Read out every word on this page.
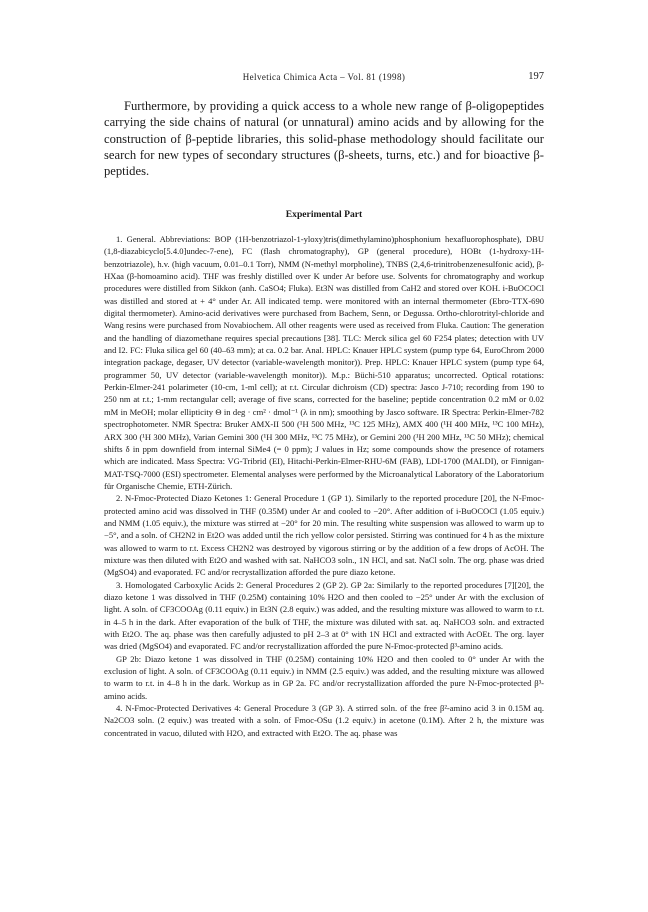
Helvetica Chimica Acta – Vol. 81 (1998)	197

Furthermore, by providing a quick access to a whole new range of β-oligopeptides carrying the side chains of natural (or unnatural) amino acids and by allowing for the construction of β-peptide libraries, this solid-phase methodology should facilitate our search for new types of secondary structures (β-sheets, turns, etc.) and for bioactive β-peptides.

Experimental Part

1. General. Abbreviations: BOP (1H-benzotriazol-1-yloxy)tris(dimethylamino)phosphonium hexafluorophosphate), DBU (1,8-diazabicyclo[5.4.0]undec-7-ene), FC (flash chromatography), GP (general procedure), HOBt (1-hydroxy-1H-benzotriazole), h.v. (high vacuum, 0.01–0.1 Torr), NMM (N-methyl morpholine), TNBS (2,4,6-trinitrobenzenesulfonic acid), β-HXaa (β-homoamino acid). THF was freshly distilled over K under Ar before use. Solvents for chromatography and workup procedures were distilled from Sikkon (anh. CaSO4; Fluka). Et3N was distilled from CaH2 and stored over KOH. i-BuOCOCl was distilled and stored at + 4° under Ar. All indicated temp. were monitored with an internal thermometer (Ebro-TTX-690 digital thermometer). Amino-acid derivatives were purchased from Bachem, Senn, or Degussa. Ortho-chlorotrityl-chloride and Wang resins were purchased from Novabiochem. All other reagents were used as received from Fluka. Caution: The generation and the handling of diazomethane requires special precautions [38]. TLC: Merck silica gel 60 F254 plates; detection with UV and I2. FC: Fluka silica gel 60 (40–63 mm); at ca. 0.2 bar. Anal. HPLC: Knauer HPLC system (pump type 64, EuroChrom 2000 integration package, degaser, UV detector (variable-wavelength monitor)). Prep. HPLC: Knauer HPLC system (pump type 64, programmer 50, UV detector (variable-wavelength monitor)). M.p.: Büchi-510 apparatus; uncorrected. Optical rotations: Perkin-Elmer-241 polarimeter (10-cm, 1-ml cell); at r.t. Circular dichroism (CD) spectra: Jasco J-710; recording from 190 to 250 nm at r.t.; 1-mm rectangular cell; average of five scans, corrected for the baseline; peptide concentration 0.2 mM or 0.02 mM in MeOH; molar ellipticity Θ in deg · cm² · dmol⁻¹ (λ in nm); smoothing by Jasco software. IR Spectra: Perkin-Elmer-782 spectrophotometer. NMR Spectra: Bruker AMX-II 500 (¹H 500 MHz, ¹³C 125 MHz), AMX 400 (¹H 400 MHz, ¹³C 100 MHz), ARX 300 (¹H 300 MHz), Varian Gemini 300 (¹H 300 MHz, ¹³C 75 MHz), or Gemini 200 (¹H 200 MHz, ¹³C 50 MHz); chemical shifts δ in ppm downfield from internal SiMe4 (= 0 ppm); J values in Hz; some compounds show the presence of rotamers which are indicated. Mass Spectra: VG-Tribrid (EI), Hitachi-Perkin-Elmer-RHU-6M (FAB), LDI-1700 (MALDI), or Finnigan-MAT-TSQ-7000 (ESI) spectrometer. Elemental analyses were performed by the Microanalytical Laboratory of the Laboratorium für Organische Chemie, ETH-Zürich.

2. N-Fmoc-Protected Diazo Ketones 1: General Procedure 1 (GP 1). Similarly to the reported procedure [20], the N-Fmoc-protected amino acid was dissolved in THF (0.35M) under Ar and cooled to −20°. After addition of i-BuOCOCl (1.05 equiv.) and NMM (1.05 equiv.), the mixture was stirred at −20° for 20 min. The resulting white suspension was allowed to warm up to −5°, and a soln. of CH2N2 in Et2O was added until the rich yellow color persisted. Stirring was continued for 4 h as the mixture was allowed to warm to r.t. Excess CH2N2 was destroyed by vigorous stirring or by the addition of a few drops of AcOH. The mixture was then diluted with Et2O and washed with sat. NaHCO3 soln., 1N HCl, and sat. NaCl soln. The org. phase was dried (MgSO4) and evaporated. FC and/or recrystallization afforded the pure diazo ketone.

3. Homologated Carboxylic Acids 2: General Procedures 2 (GP 2). GP 2a: Similarly to the reported procedures [7][20], the diazo ketone 1 was dissolved in THF (0.25M) containing 10% H2O and then cooled to −25° under Ar with the exclusion of light. A soln. of CF3COOAg (0.11 equiv.) in Et3N (2.8 equiv.) was added, and the resulting mixture was allowed to warm to r.t. in 4–5 h in the dark. After evaporation of the bulk of THF, the mixture was diluted with sat. aq. NaHCO3 soln. and extracted with Et2O. The aq. phase was then carefully adjusted to pH 2–3 at 0° with 1N HCl and extracted with AcOEt. The org. layer was dried (MgSO4) and evaporated. FC and/or recrystallization afforded the pure N-Fmoc-protected β³-amino acids.

GP 2b: Diazo ketone 1 was dissolved in THF (0.25M) containing 10% H2O and then cooled to 0° under Ar with the exclusion of light. A soln. of CF3COOAg (0.11 equiv.) in NMM (2.5 equiv.) was added, and the resulting mixture was allowed to warm to r.t. in 4–8 h in the dark. Workup as in GP 2a. FC and/or recrystallization afforded the pure N-Fmoc-protected β³-amino acids.

4. N-Fmoc-Protected Derivatives 4: General Procedure 3 (GP 3). A stirred soln. of the free β²-amino acid 3 in 0.15M aq. Na2CO3 soln. (2 equiv.) was treated with a soln. of Fmoc-OSu (1.2 equiv.) in acetone (0.1M). After 2 h, the mixture was concentrated in vacuo, diluted with H2O, and extracted with Et2O. The aq. phase was
